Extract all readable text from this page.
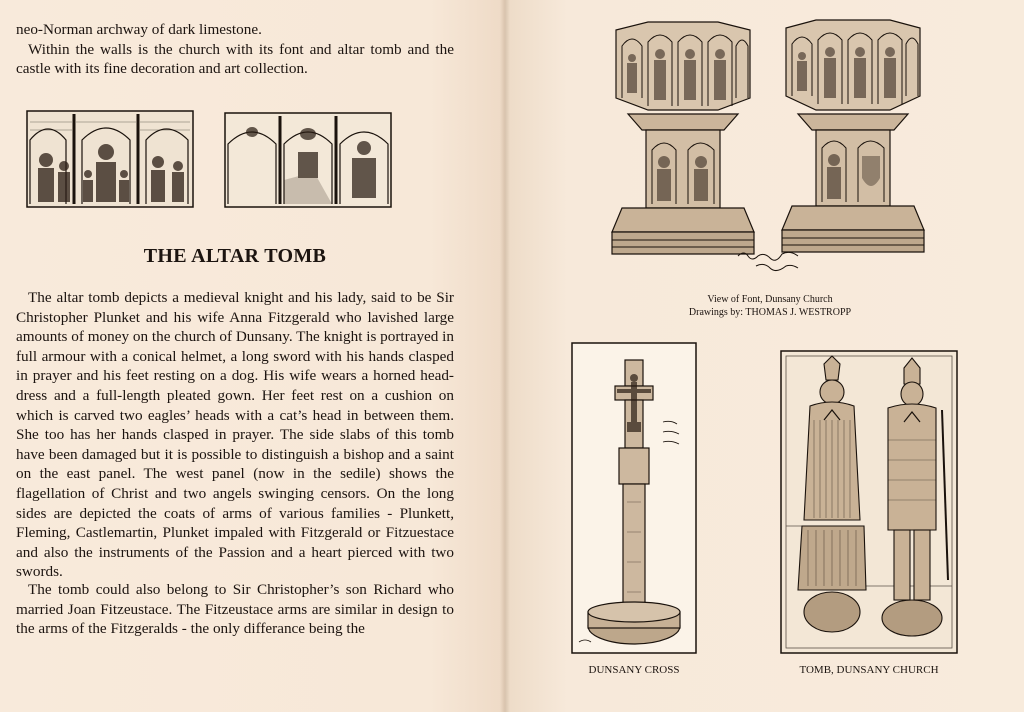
neo-Norman archway of dark limestone.

Within the walls is the church with its font and altar tomb and the castle with its fine decoration and art collection.

THE ALTAR TOMB

The altar tomb depicts a medieval knight and his lady, said to be Sir Christopher Plunket and his wife Anna Fitzgerald who lavished large amounts of money on the church of Dunsany. The knight is portrayed in full armour with a conical helmet, a long sword with his hands clasped in prayer and his feet resting on a dog. His wife wears a horned head-dress and a full-length pleated gown. Her feet rest on a cushion on which is carved two eagles’ heads with a cat’s head in between them. She too has her hands clasped in prayer. The side slabs of this tomb have been damaged but it is possible to distinguish a bishop and a saint on the east panel. The west panel (now in the sedile) shows the flagellation of Christ and two angels swinging censors. On the long sides are depicted the coats of arms of various families - Plunkett, Fleming, Castlemartin, Plunket impaled with Fitzgerald or Fitzuestace and also the instruments of the Passion and a heart pierced with two swords.

The tomb could also belong to Sir Christopher’s son Richard who married Joan Fitzeustace. The Fitzeustace arms are similar in design to the arms of the Fitzgeralds - the only differance being the

View of Font, Dunsany Church
Drawings by: THOMAS J. WESTROPP
DUNSANY CROSS	TOMB, DUNSANY CHURCH
